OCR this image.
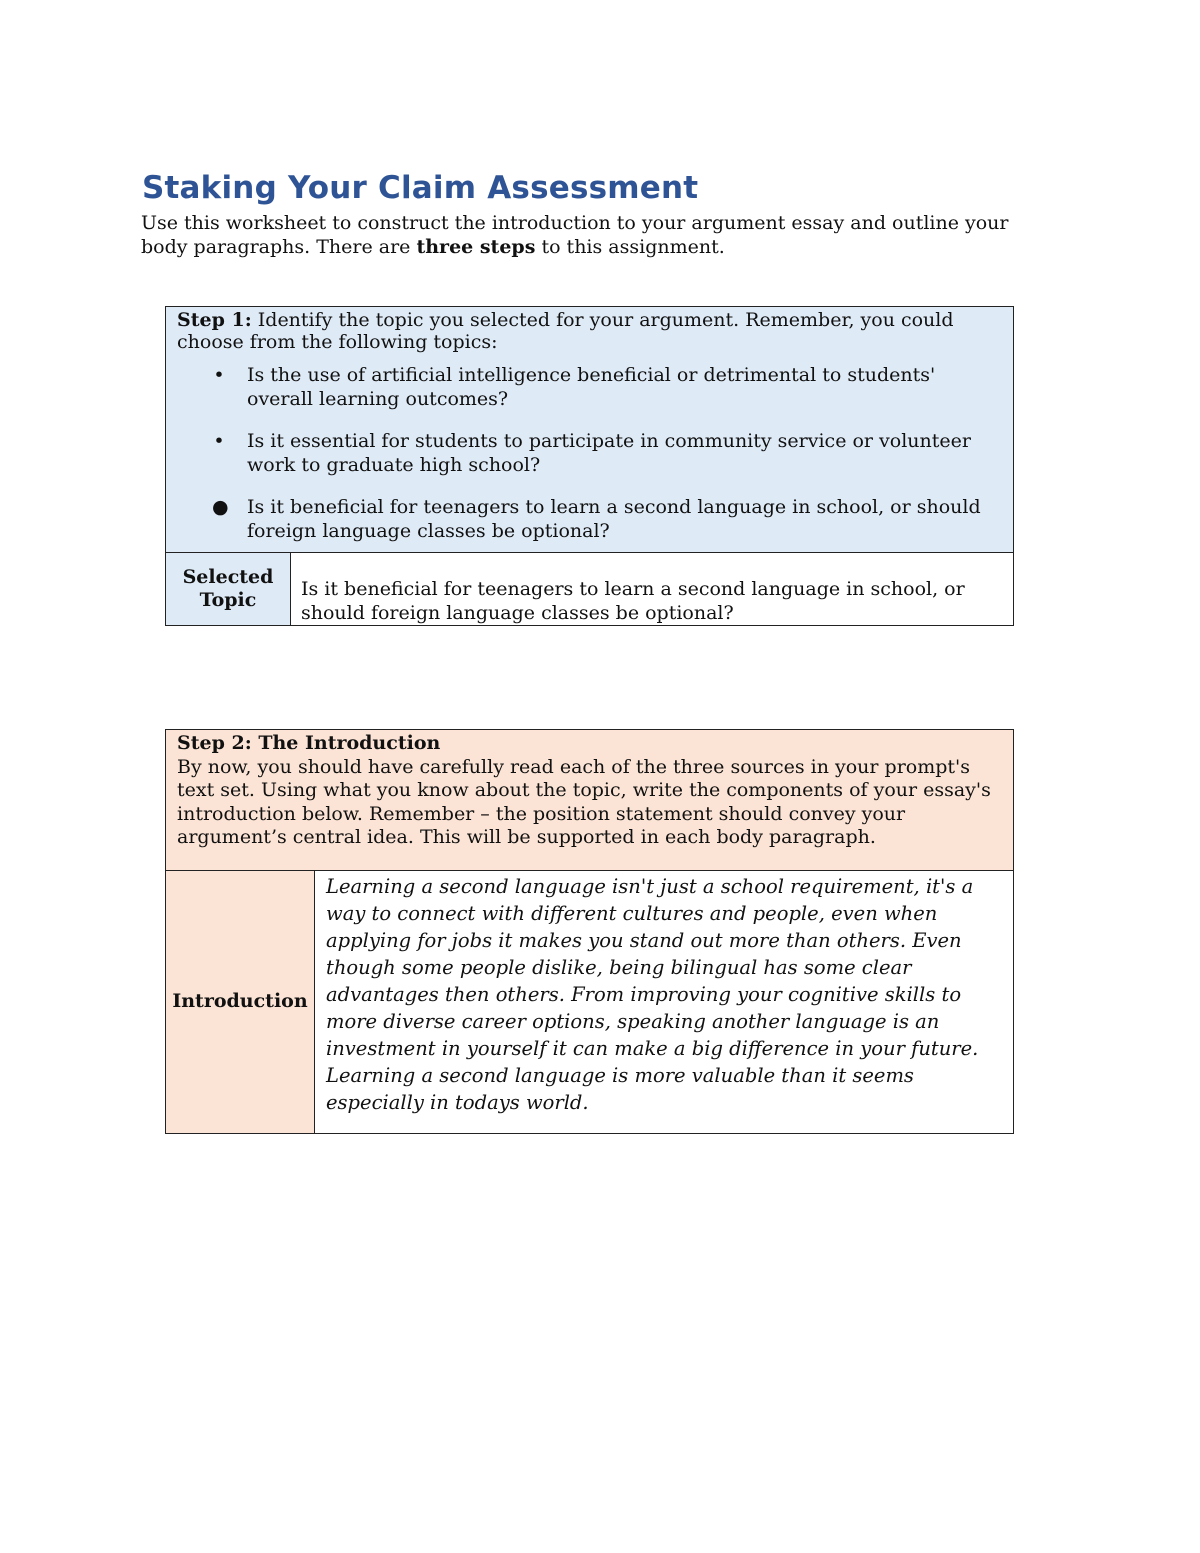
Staking Your Claim Assessment

Use this worksheet to construct the introduction to your argument essay and outline your body paragraphs. There are three steps to this assignment.

Step 1: Identify the topic you selected for your argument. Remember, you could choose from the following topics:
• Is the use of artificial intelligence beneficial or detrimental to students' overall learning outcomes?
• Is it essential for students to participate in community service or volunteer work to graduate high school?
● Is it beneficial for teenagers to learn a second language in school, or should foreign language classes be optional?

Selected
Topic	Is it beneficial for teenagers to learn a second language in school, or should foreign language classes be optional?
Step 2: The Introduction
By now, you should have carefully read each of the three sources in your prompt's text set. Using what you know about the topic, write the components of your essay's introduction below. Remember – the position statement should convey your argument’s central idea. This will be supported in each body paragraph.

Introduction	Learning a second language isn't just a school requirement, it's a way to connect with different cultures and people, even when applying for jobs it makes you stand out more than others. Even though some people dislike, being bilingual has some clear advantages then others. From improving your cognitive skills to more diverse career options, speaking another language is an investment in yourself it can make a big difference in your future. Learning a second language is more valuable than it seems especially in todays world.
